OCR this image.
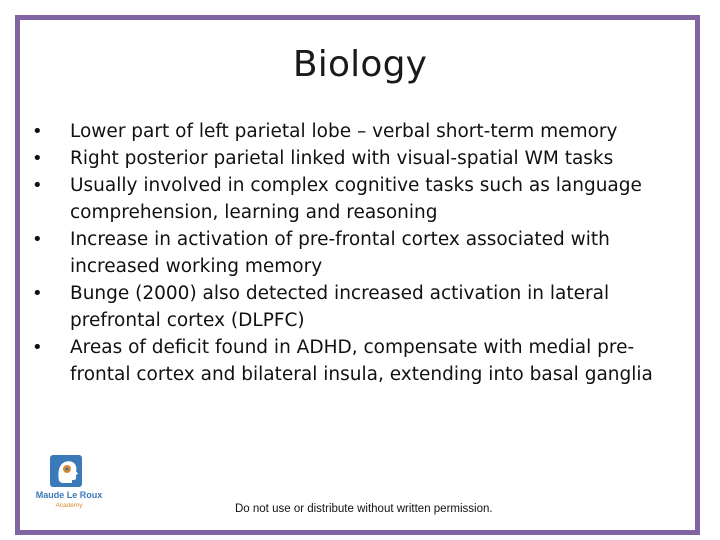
Biology
• Lower part of left parietal lobe – verbal short-term memory
• Right posterior parietal linked with visual-spatial WM tasks
• Usually involved in complex cognitive tasks such as language comprehension, learning and reasoning
• Increase in activation of pre-frontal cortex associated with increased working memory
• Bunge (2000) also detected increased activation in lateral prefrontal cortex (DLPFC)
• Areas of deficit found in ADHD, compensate with medial pre-frontal cortex and bilateral insula, extending into basal ganglia
Maude Le Roux
Academy	Do not use or distribute without written permission.
